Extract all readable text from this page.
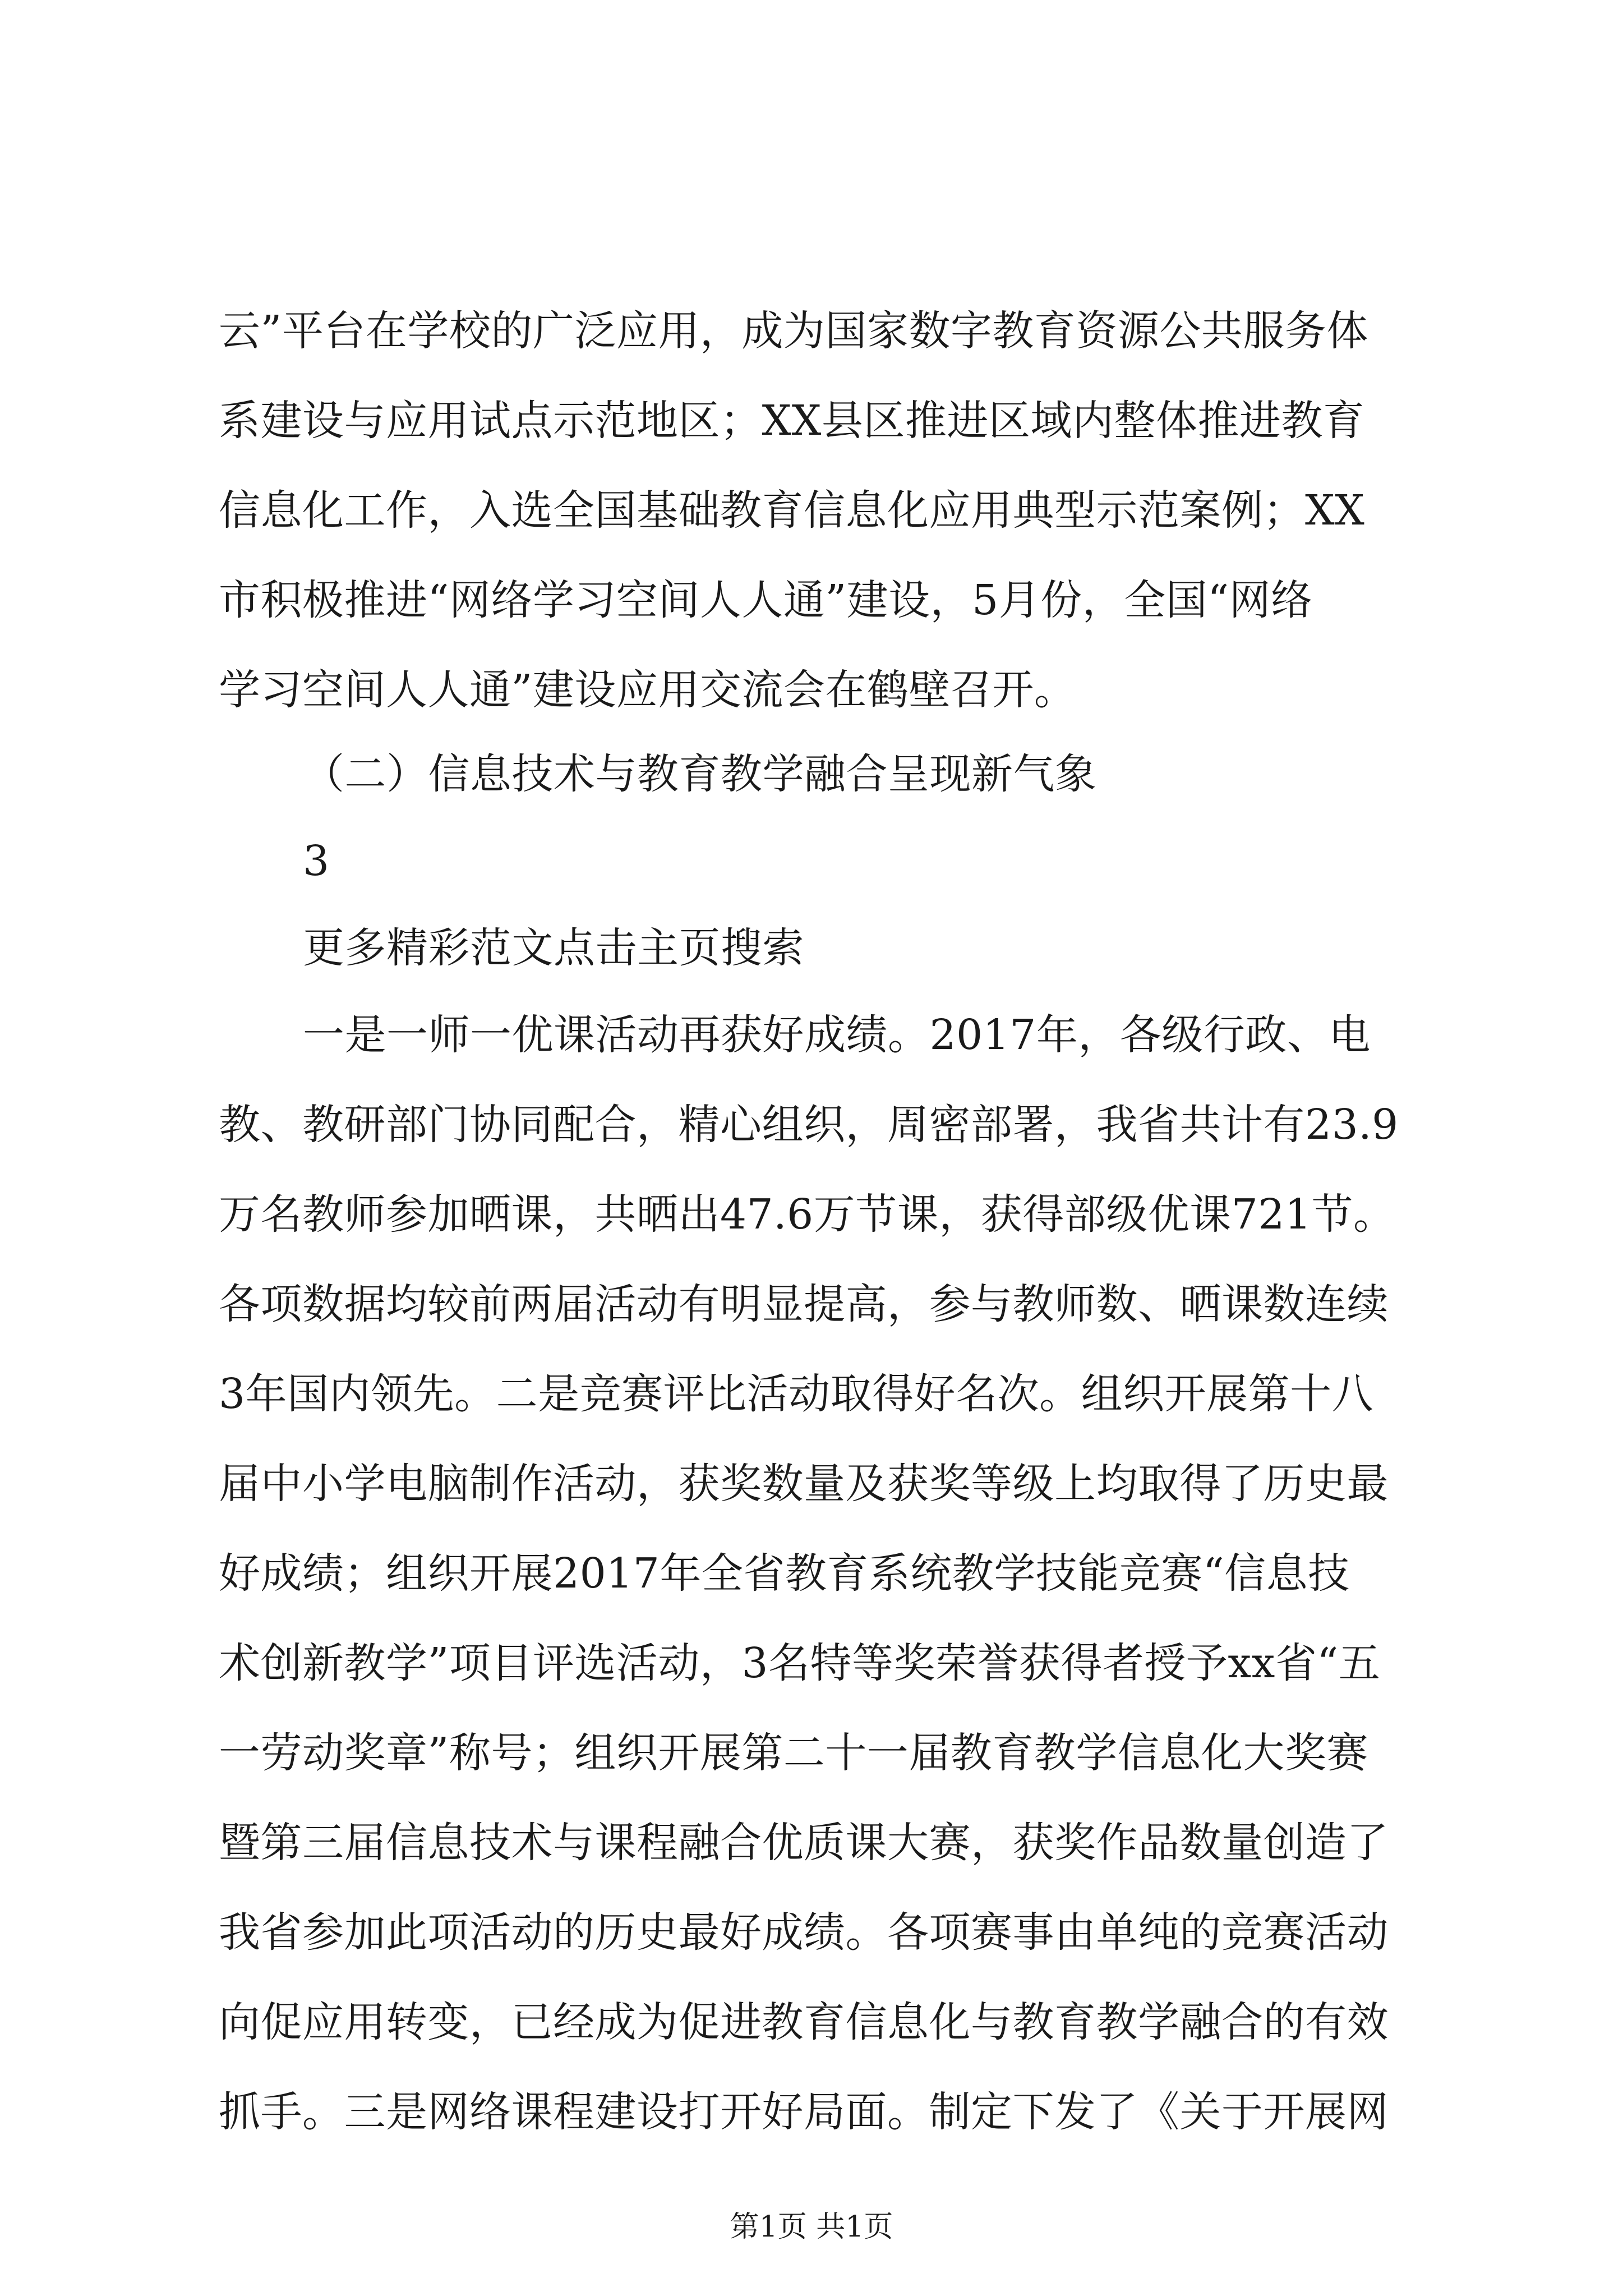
云”平台在学校的广泛应用，成为国家数字教育资源公共服务体
系建设与应用试点示范地区；XX县区推进区域内整体推进教育
信息化工作，入选全国基础教育信息化应用典型示范案例；XX
市积极推进“网络学习空间人人通”建设，5月份，全国“网络
学习空间人人通”建设应用交流会在鹤壁召开。
（二）信息技术与教育教学融合呈现新气象
3
更多精彩范文点击主页搜索
一是一师一优课活动再获好成绩。2017年，各级行政、电
教、教研部门协同配合，精心组织，周密部署，我省共计有23.9
万名教师参加晒课，共晒出47.6万节课，获得部级优课721节。
各项数据均较前两届活动有明显提高，参与教师数、晒课数连续
3年国内领先。二是竞赛评比活动取得好名次。组织开展第十八
届中小学电脑制作活动，获奖数量及获奖等级上均取得了历史最
好成绩；组织开展2017年全省教育系统教学技能竞赛“信息技
术创新教学”项目评选活动，3名特等奖荣誉获得者授予xx省“五
一劳动奖章”称号；组织开展第二十一届教育教学信息化大奖赛
暨第三届信息技术与课程融合优质课大赛，获奖作品数量创造了
我省参加此项活动的历史最好成绩。各项赛事由单纯的竞赛活动
向促应用转变，已经成为促进教育信息化与教育教学融合的有效
抓手。三是网络课程建设打开好局面。制定下发了《关于开展网
第1页 共1页
